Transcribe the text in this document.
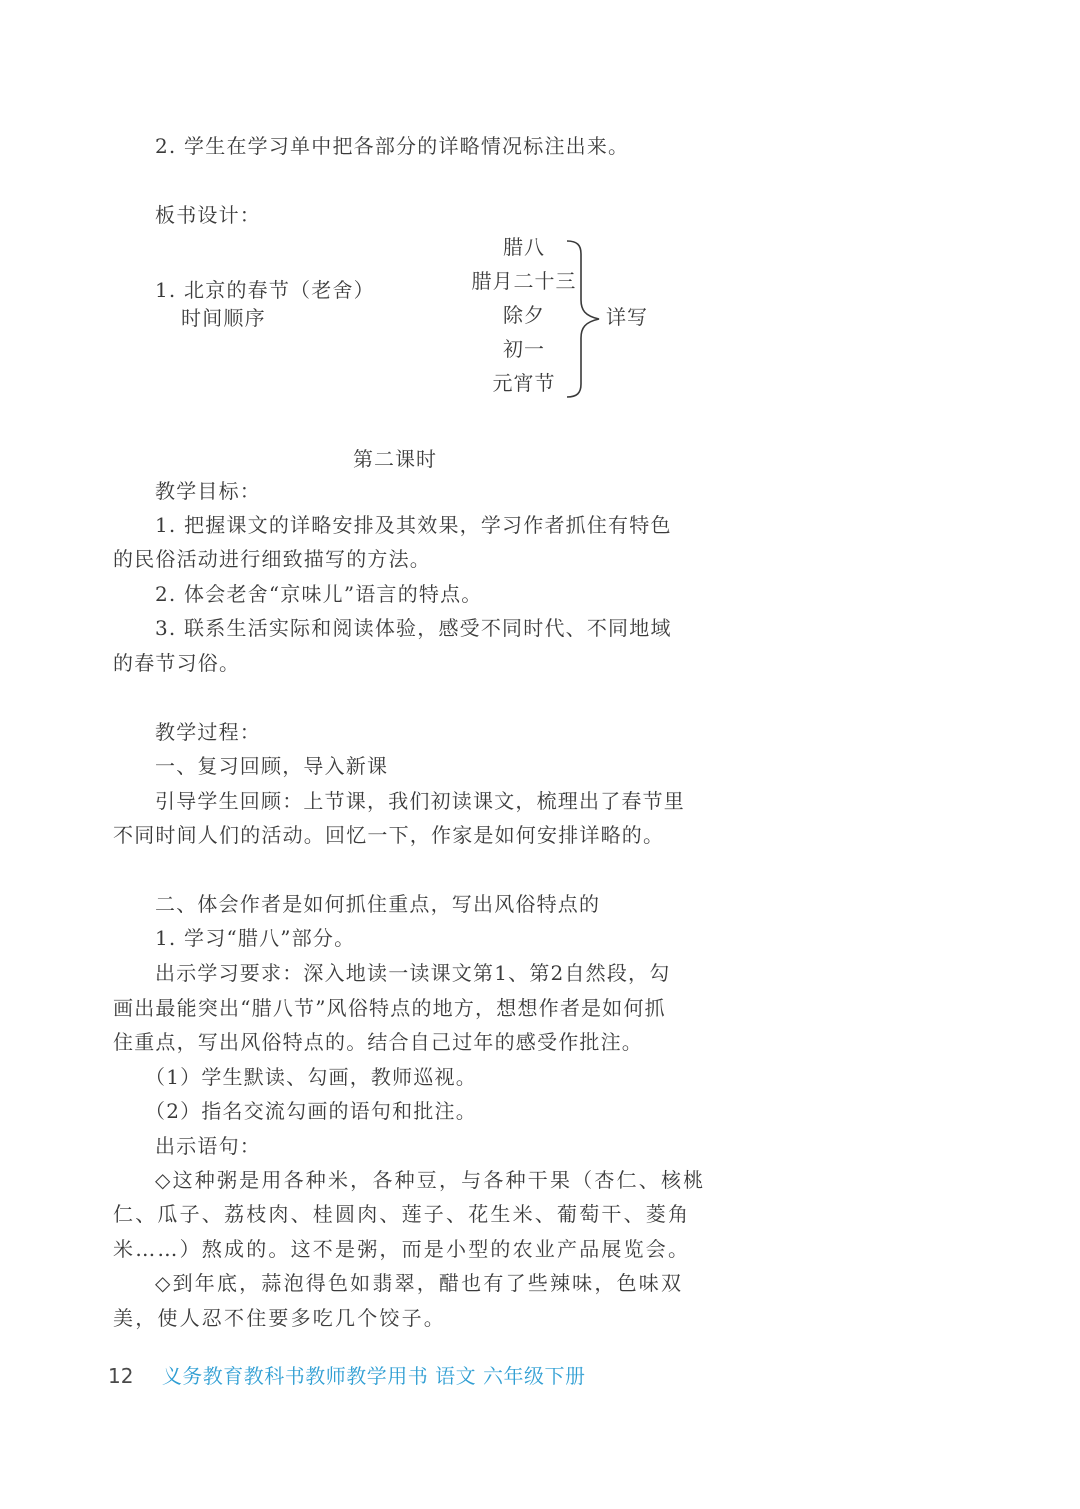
2. 学生在学习单中把各部分的详略情况标注出来。
板书设计：
1. 北京的春节（老舍）
时间顺序
腊八
腊月二十三
除夕
初一
元宵节
详写
第二课时
教学目标：
1. 把握课文的详略安排及其效果，学习作者抓住有特色
的民俗活动进行细致描写的方法。
2. 体会老舍“京味儿”语言的特点。
3. 联系生活实际和阅读体验，感受不同时代、不同地域
的春节习俗。
教学过程：
一、复习回顾，导入新课
引导学生回顾：上节课，我们初读课文，梳理出了春节里
不同时间人们的活动。回忆一下，作家是如何安排详略的。
二、体会作者是如何抓住重点，写出风俗特点的
1. 学习“腊八”部分。
出示学习要求：深入地读一读课文第1、第2自然段，勾
画出最能突出“腊八节”风俗特点的地方，想想作者是如何抓
住重点，写出风俗特点的。结合自己过年的感受作批注。
（1）学生默读、勾画，教师巡视。
（2）指名交流勾画的语句和批注。
出示语句：
◇这种粥是用各种米，各种豆，与各种干果（杏仁、核桃
仁、瓜子、荔枝肉、桂圆肉、莲子、花生米、葡萄干、菱角
米……）熬成的。这不是粥，而是小型的农业产品展览会。
◇到年底，蒜泡得色如翡翠，醋也有了些辣味，色味双
美，使人忍不住要多吃几个饺子。
12 义务教育教科书教师教学用书 语文 六年级下册
